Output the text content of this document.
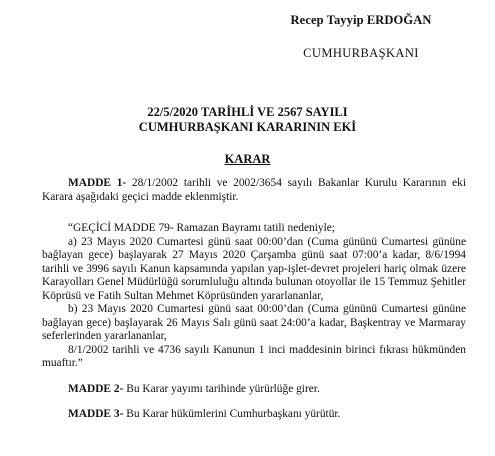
Recep Tayyip ERDOĞAN
CUMHURBAŞKANI
22/5/2020 TARİHLİ VE 2567 SAYILI
CUMHURBAŞKANI KARARININ EKİ
KARAR

MADDE 1- 28/1/2002 tarihli ve 2002/3654 sayılı Bakanlar Kurulu Kararının eki Karara aşağıdaki geçici madde eklenmiştir.

“GEÇİCİ MADDE 79- Ramazan Bayramı tatili nedeniyle;

a) 23 Mayıs 2020 Cumartesi günü saat 00:00’dan (Cuma gününü Cumartesi gününe bağlayan gece) başlayarak 27 Mayıs 2020 Çarşamba günü saat 07:00’a kadar, 8/6/1994 tarihli ve 3996 sayılı Kanun kapsamında yapılan yap-işlet-devret projeleri hariç olmak üzere Karayolları Genel Müdürlüğü sorumluluğu altında bulunan otoyollar ile 15 Temmuz Şehitler Köprüsü ve Fatih Sultan Mehmet Köprüsünden yararlananlar,

b) 23 Mayıs 2020 Cumartesi günü saat 00:00’dan (Cuma gününü Cumartesi gününe bağlayan gece) başlayarak 26 Mayıs Salı günü saat 24:00’a kadar, Başkentray ve Marmaray seferlerinden yararlananlar,

8/1/2002 tarihli ve 4736 sayılı Kanunun 1 inci maddesinin birinci fıkrası hükmünden muaftır.”

MADDE 2- Bu Karar yayımı tarihinde yürürlüğe girer.

MADDE 3- Bu Karar hükümlerini Cumhurbaşkanı yürütür.
